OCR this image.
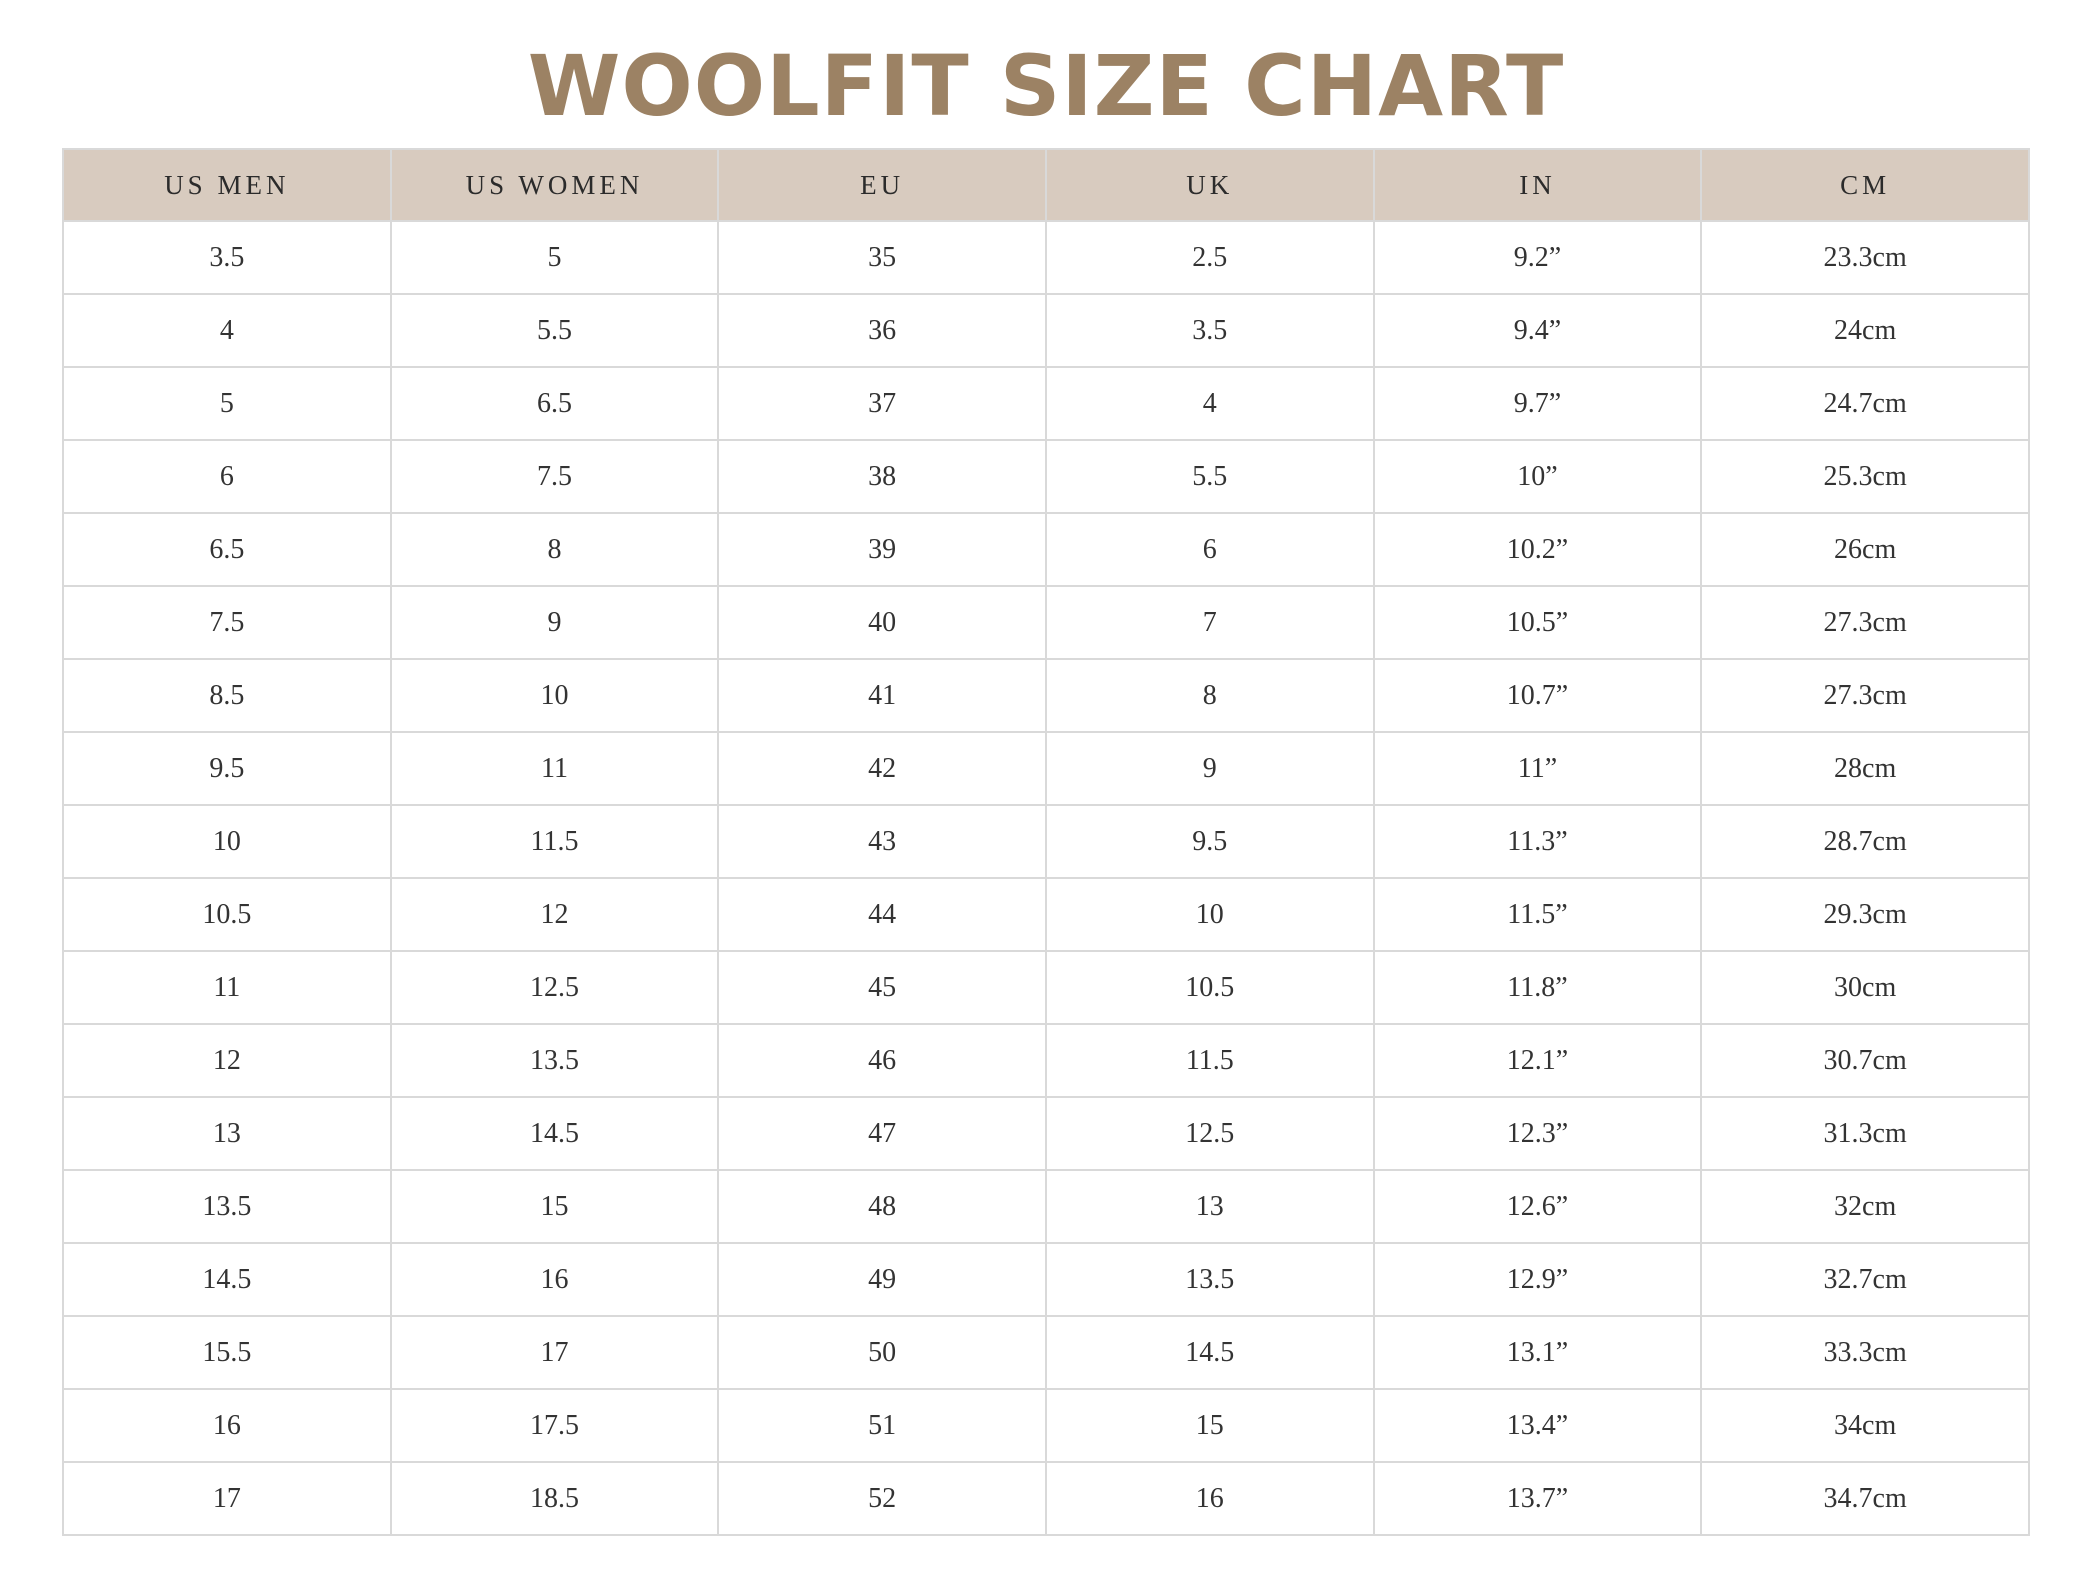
WOOLFIT SIZE CHART
US MEN	US WOMEN	EU	UK	IN	CM
3.5	5	35	2.5	9.2”	23.3cm
4	5.5	36	3.5	9.4”	24cm
5	6.5	37	4	9.7”	24.7cm
6	7.5	38	5.5	10”	25.3cm
6.5	8	39	6	10.2”	26cm
7.5	9	40	7	10.5”	27.3cm
8.5	10	41	8	10.7”	27.3cm
9.5	11	42	9	11”	28cm
10	11.5	43	9.5	11.3”	28.7cm
10.5	12	44	10	11.5”	29.3cm
11	12.5	45	10.5	11.8”	30cm
12	13.5	46	11.5	12.1”	30.7cm
13	14.5	47	12.5	12.3”	31.3cm
13.5	15	48	13	12.6”	32cm
14.5	16	49	13.5	12.9”	32.7cm
15.5	17	50	14.5	13.1”	33.3cm
16	17.5	51	15	13.4”	34cm
17	18.5	52	16	13.7”	34.7cm
